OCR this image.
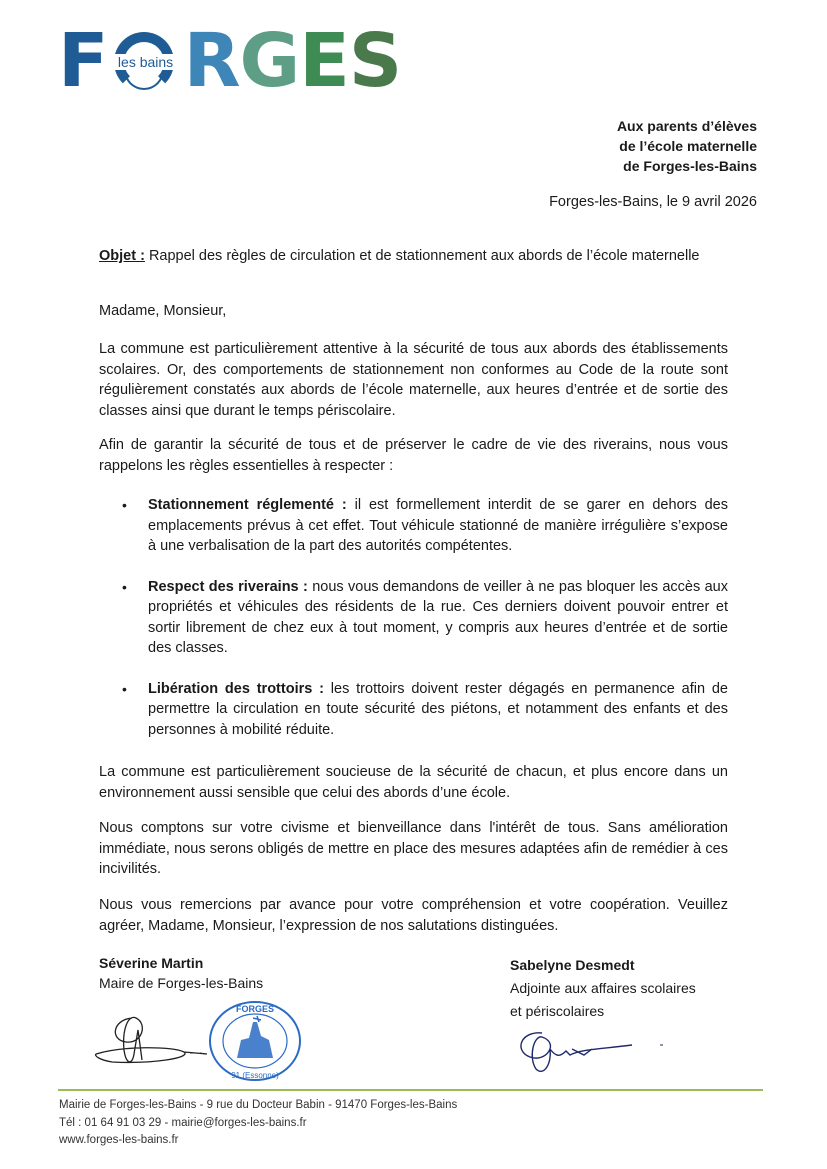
F les bains R G E S
Aux parents d’élèves
de l’école maternelle
de Forges-les-Bains
Forges-les-Bains, le 9 avril 2026
Objet : Rappel des règles de circulation et de stationnement aux abords de l’école maternelle
Madame, Monsieur,
La commune est particulièrement attentive à la sécurité de tous aux abords des établissements scolaires. Or, des comportements de stationnement non conformes au Code de la route sont régulièrement constatés aux abords de l’école maternelle, aux heures d’entrée et de sortie des classes ainsi que durant le temps périscolaire.
Afin de garantir la sécurité de tous et de préserver le cadre de vie des riverains, nous vous rappelons les règles essentielles à respecter :
• Stationnement réglementé : il est formellement interdit de se garer en dehors des emplacements prévus à cet effet. Tout véhicule stationné de manière irrégulière s’expose à une verbalisation de la part des autorités compétentes.
• Respect des riverains : nous vous demandons de veiller à ne pas bloquer les accès aux propriétés et véhicules des résidents de la rue. Ces derniers doivent pouvoir entrer et sortir librement de chez eux à tout moment, y compris aux heures d’entrée et de sortie des classes.
• Libération des trottoirs : les trottoirs doivent rester dégagés en permanence afin de permettre la circulation en toute sécurité des piétons, et notamment des enfants et des personnes à mobilité réduite.
La commune est particulièrement soucieuse de la sécurité de chacun, et plus encore dans un environnement aussi sensible que celui des abords d’une école.
Nous comptons sur votre civisme et bienveillance dans l'intérêt de tous. Sans amélioration immédiate, nous serons obligés de mettre en place des mesures adaptées afin de remédier à ces incivilités.
Nous vous remercions par avance pour votre compréhension et votre coopération. Veuillez agréer, Madame, Monsieur, l’expression de nos salutations distinguées.
Séverine Martin
Maire de Forges-les-Bains
FORGES
91 (Essonne)
Sabelyne Desmedt
Adjointe aux affaires scolaires
et périscolaires
Mairie de Forges-les-Bains - 9 rue du Docteur Babin - 91470 Forges-les-Bains
Tél : 01 64 91 03 29 - mairie@forges-les-bains.fr
www.forges-les-bains.fr
